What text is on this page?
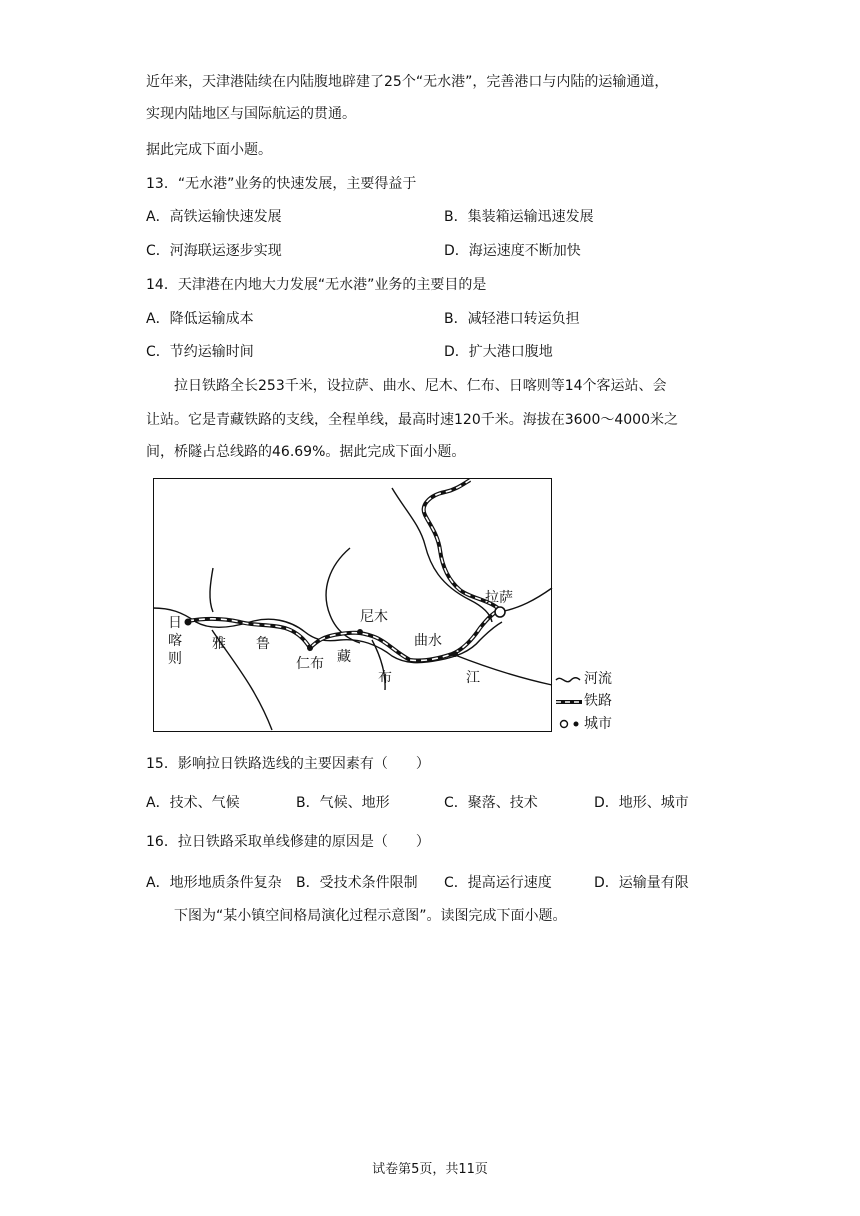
近年来，天津港陆续在内陆腹地辟建了25个“无水港”，完善港口与内陆的运输通道，
实现内陆地区与国际航运的贯通。
据此完成下面小题。
13．“无水港”业务的快速发展，主要得益于
A．高铁运输快速发展	B．集装箱运输迅速发展
C．河海联运逐步实现	D．海运速度不断加快
14．天津港在内地大力发展“无水港”业务的主要目的是
A．降低运输成本	B．减轻港口转运负担
C．节约运输时间	D．扩大港口腹地
拉日铁路全长253千米，设拉萨、曲水、尼木、仁布、日喀则等14个客运站、会
让站。它是青藏铁路的支线，全程单线，最高时速120千米。海拔在3600～4000米之
间，桥隧占总线路的46.69%。据此完成下面小题。
拉萨
尼木
曲水
仁布
日喀则
雅 鲁
藏
布	江	河流
铁路
城市
15．影响拉日铁路选线的主要因素有（　　）
A．技术、气候	B．气候、地形	C．聚落、技术	D．地形、城市
16．拉日铁路采取单线修建的原因是（　　）
A．地形地质条件复杂 B．受技术条件限制 C．提高运行速度	D．运输量有限
下图为“某小镇空间格局演化过程示意图”。读图完成下面小题。
试卷第5页，共11页
